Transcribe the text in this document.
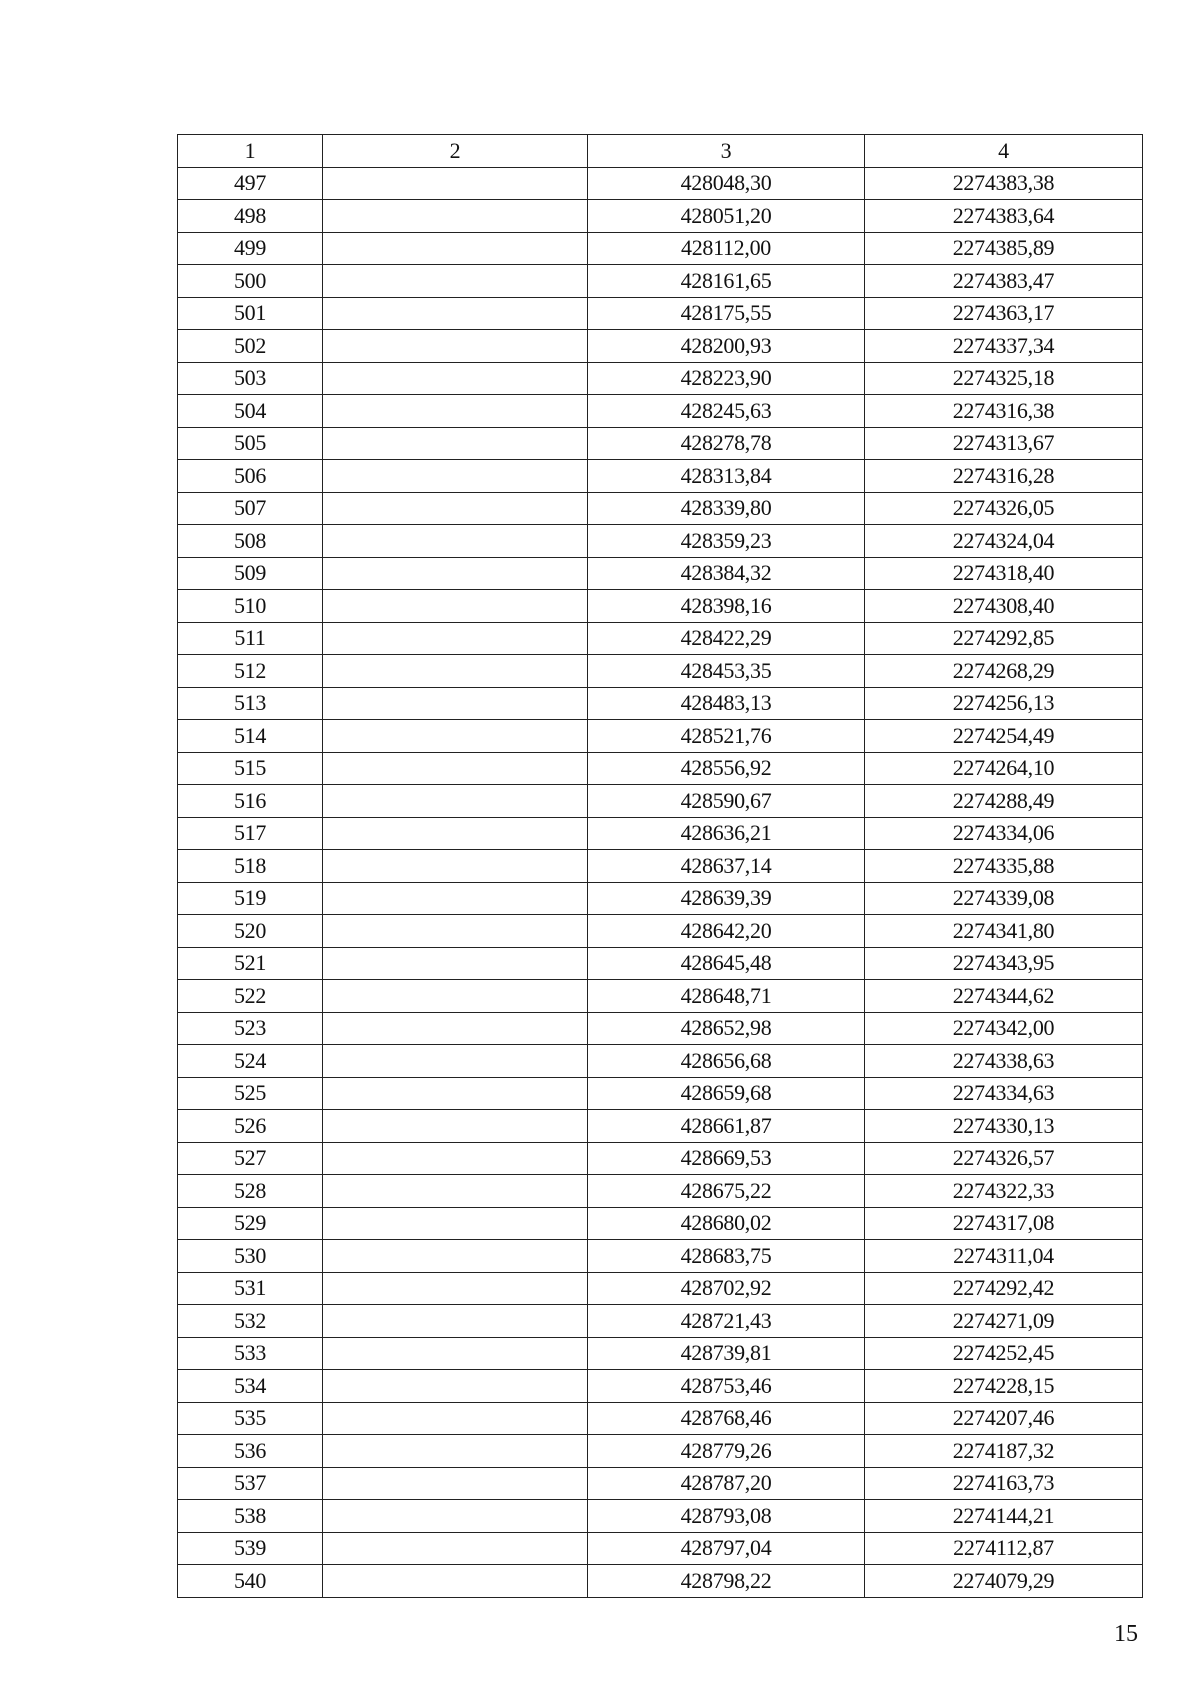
1	2	3	4
497		428048,30	2274383,38
498		428051,20	2274383,64
499		428112,00	2274385,89
500		428161,65	2274383,47
501		428175,55	2274363,17
502		428200,93	2274337,34
503		428223,90	2274325,18
504		428245,63	2274316,38
505		428278,78	2274313,67
506		428313,84	2274316,28
507		428339,80	2274326,05
508		428359,23	2274324,04
509		428384,32	2274318,40
510		428398,16	2274308,40
511		428422,29	2274292,85
512		428453,35	2274268,29
513		428483,13	2274256,13
514		428521,76	2274254,49
515		428556,92	2274264,10
516		428590,67	2274288,49
517		428636,21	2274334,06
518		428637,14	2274335,88
519		428639,39	2274339,08
520		428642,20	2274341,80
521		428645,48	2274343,95
522		428648,71	2274344,62
523		428652,98	2274342,00
524		428656,68	2274338,63
525		428659,68	2274334,63
526		428661,87	2274330,13
527		428669,53	2274326,57
528		428675,22	2274322,33
529		428680,02	2274317,08
530		428683,75	2274311,04
531		428702,92	2274292,42
532		428721,43	2274271,09
533		428739,81	2274252,45
534		428753,46	2274228,15
535		428768,46	2274207,46
536		428779,26	2274187,32
537		428787,20	2274163,73
538		428793,08	2274144,21
539		428797,04	2274112,87
540		428798,22	2274079,29
15
